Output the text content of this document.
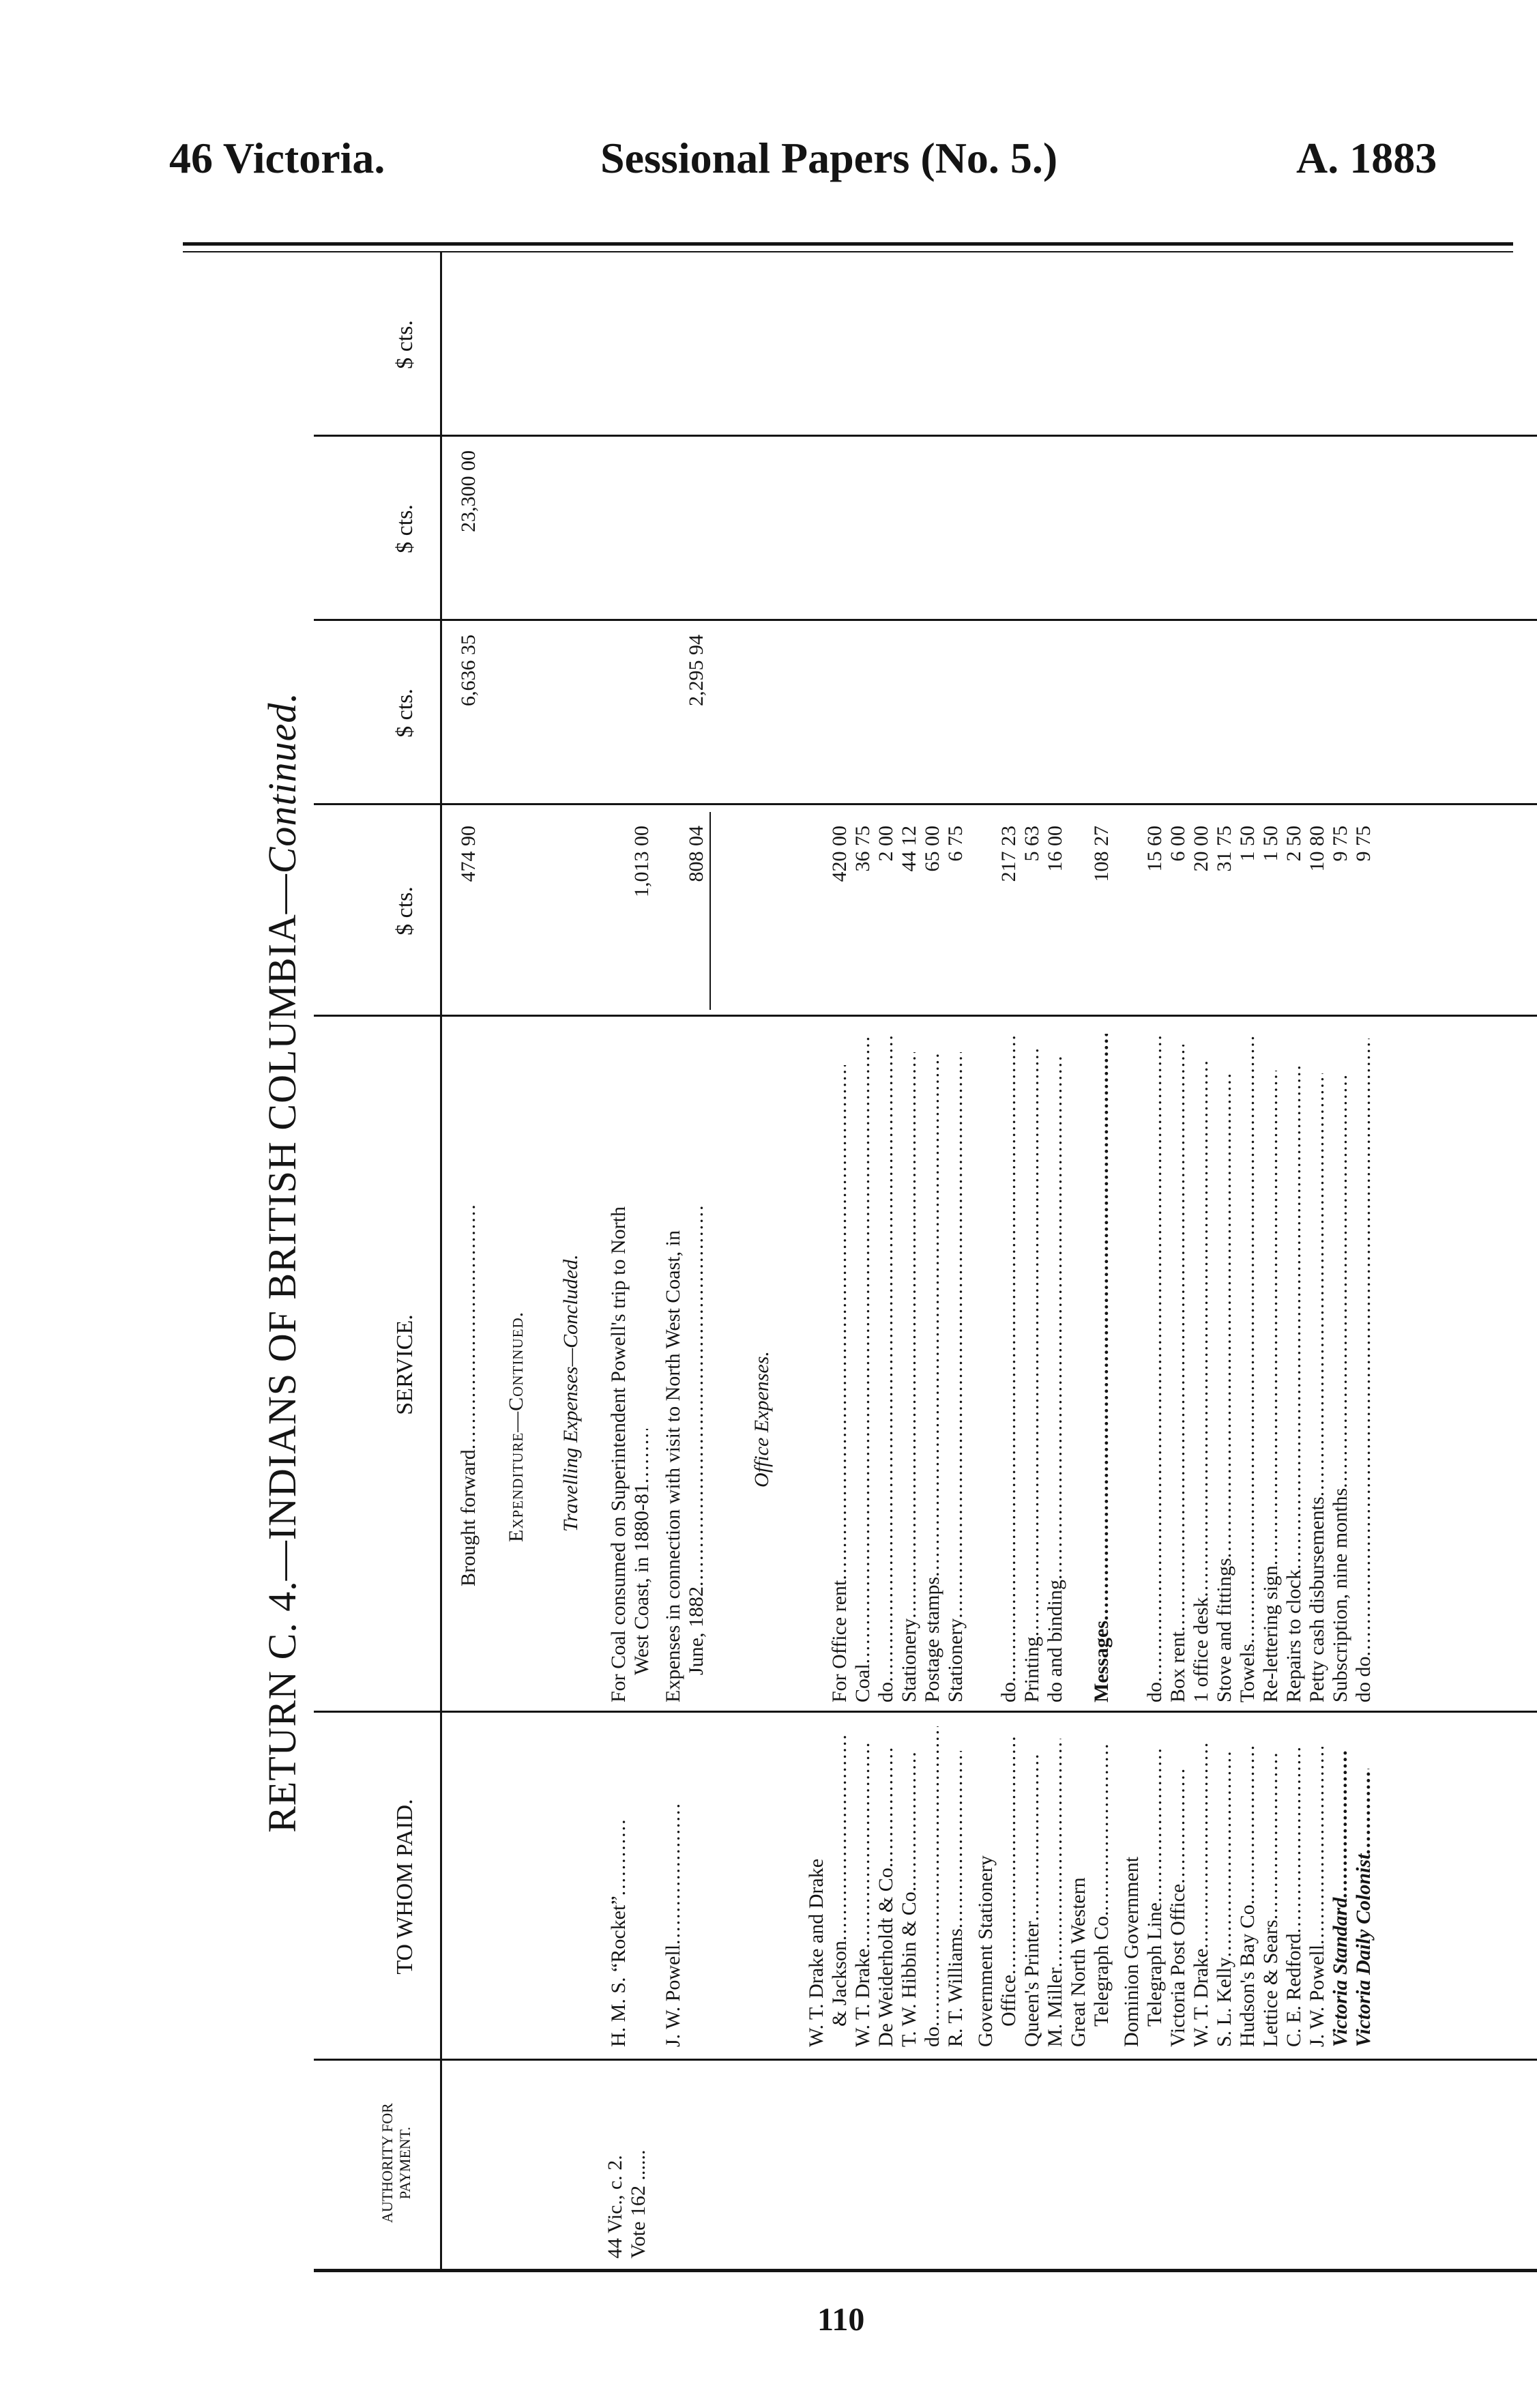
46 Victoria.	Sessional Papers (No. 5.)	A. 1883
RETURN C. 4.—INDIANS OF BRITISH COLUMBIA—Continued.
AUTHORITY FOR PAYMENT.
TO WHOM PAID.
SERVICE.
$ cts.
$ cts.
$ cts.
$ cts.
Brought forward.....
474 90
6,636 35
23,300 00
Expenditure—Continued. Travelling Expenses—Concluded.
44 Vic., c. 2. Vote 162 ......
H. M. S. “Rocket”.....
For Coal consumed on Superintendent Powell's trip to North West Coast, in 1880-81.....
1,013 00
J. W. Powell.....
Expenses in connection with visit to North West Coast, in June, 1882.....
808 04
2,295 94
Office Expenses.
W. T. Drake and Drake & Jackson.....
For Office rent.....
420 00
W. T. Drake.....
Coal.....
36 75
De Weiderholdt & Co......
do.....
2 00
T. W. Hibbin & Co......
Stationery.....
44 12
do.....
Postage stamps.....
65 00
R. T. Williams.....
Stationery.....
6 75
Government Stationery Office.....
do.....
217 23
Queen's Printer.....
Printing.....
5 63
M. Miller.....
do and binding.....
16 00
Great North Western Telegraph Co......
Messages.....
108 27
Dominion Government Telegraph Line.....
do.....
15 60
Victoria Post Office.....
Box rent.....
6 00
W. T. Drake.....
1 office desk.....
20 00
S. L. Kelly.....
Stove and fittings.....
31 75
Hudson's Bay Co......
Towels.....
1 50
Lettice & Sears.....
Re-lettering sign.....
1 50
C. E. Redford.....
Repairs to clock.....
2 50
J. W. Powell.....
Petty cash disbursements.....
10 80
Victoria Standard.....
Subscription, nine months.....
9 75
Victoria Daily Colonist.....
do do.....
9 75
110
